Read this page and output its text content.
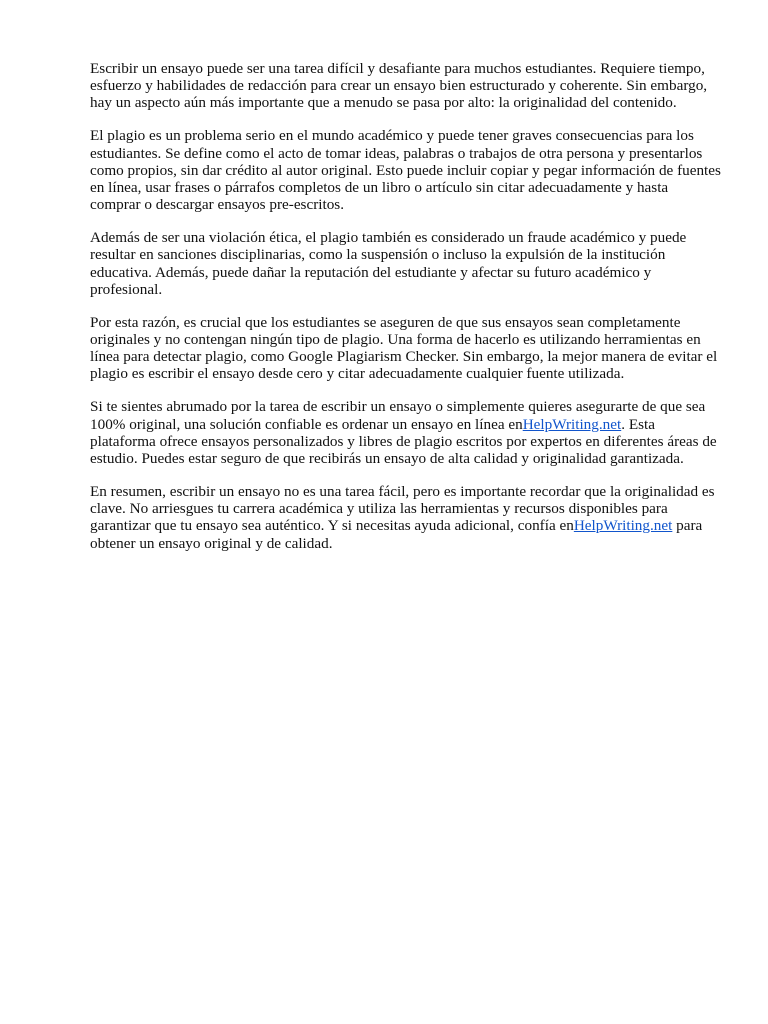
Escribir un ensayo puede ser una tarea difícil y desafiante para muchos estudiantes. Requiere tiempo, esfuerzo y habilidades de redacción para crear un ensayo bien estructurado y coherente. Sin embargo, hay un aspecto aún más importante que a menudo se pasa por alto: la originalidad del contenido.

El plagio es un problema serio en el mundo académico y puede tener graves consecuencias para los estudiantes. Se define como el acto de tomar ideas, palabras o trabajos de otra persona y presentarlos como propios, sin dar crédito al autor original. Esto puede incluir copiar y pegar información de fuentes en línea, usar frases o párrafos completos de un libro o artículo sin citar adecuadamente y hasta comprar o descargar ensayos pre-escritos.

Además de ser una violación ética, el plagio también es considerado un fraude académico y puede resultar en sanciones disciplinarias, como la suspensión o incluso la expulsión de la institución educativa. Además, puede dañar la reputación del estudiante y afectar su futuro académico y profesional.

Por esta razón, es crucial que los estudiantes se aseguren de que sus ensayos sean completamente originales y no contengan ningún tipo de plagio. Una forma de hacerlo es utilizando herramientas en línea para detectar plagio, como Google Plagiarism Checker. Sin embargo, la mejor manera de evitar el plagio es escribir el ensayo desde cero y citar adecuadamente cualquier fuente utilizada.

Si te sientes abrumado por la tarea de escribir un ensayo o simplemente quieres asegurarte de que sea 100% original, una solución confiable es ordenar un ensayo en línea enHelpWriting.net. Esta plataforma ofrece ensayos personalizados y libres de plagio escritos por expertos en diferentes áreas de estudio. Puedes estar seguro de que recibirás un ensayo de alta calidad y originalidad garantizada.

En resumen, escribir un ensayo no es una tarea fácil, pero es importante recordar que la originalidad es clave. No arriesgues tu carrera académica y utiliza las herramientas y recursos disponibles para garantizar que tu ensayo sea auténtico. Y si necesitas ayuda adicional, confía enHelpWriting.net para obtener un ensayo original y de calidad.
